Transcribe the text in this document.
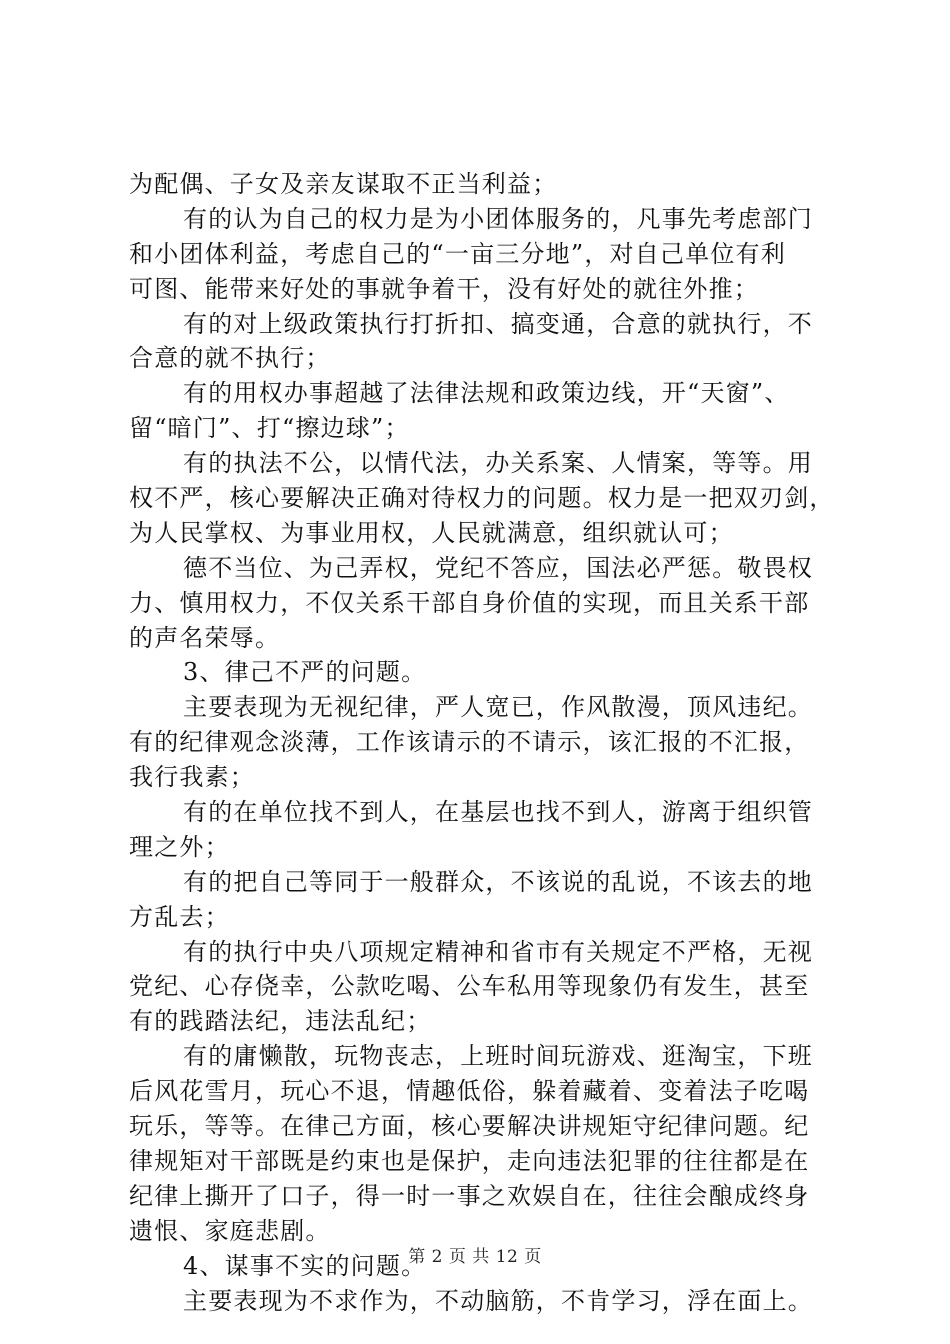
为配偶、子女及亲友谋取不正当利益；
有的认为自己的权力是为小团体服务的，凡事先考虑部门
和小团体利益，考虑自己的“一亩三分地”，对自己单位有利
可图、能带来好处的事就争着干，没有好处的就往外推；
有的对上级政策执行打折扣、搞变通，合意的就执行，不
合意的就不执行；
有的用权办事超越了法律法规和政策边线，开“天窗”、
留“暗门”、打“擦边球”；
有的执法不公，以情代法，办关系案、人情案，等等。用
权不严，核心要解决正确对待权力的问题。权力是一把双刃剑，
为人民掌权、为事业用权，人民就满意，组织就认可；
德不当位、为己弄权，党纪不答应，国法必严惩。敬畏权
力、慎用权力，不仅关系干部自身价值的实现，而且关系干部
的声名荣辱。
3、律己不严的问题。
主要表现为无视纪律，严人宽已，作风散漫，顶风违纪。
有的纪律观念淡薄，工作该请示的不请示，该汇报的不汇报，
我行我素；
有的在单位找不到人，在基层也找不到人，游离于组织管
理之外；
有的把自己等同于一般群众，不该说的乱说，不该去的地
方乱去；
有的执行中央八项规定精神和省市有关规定不严格，无视
党纪、心存侥幸，公款吃喝、公车私用等现象仍有发生，甚至
有的践踏法纪，违法乱纪；
有的庸懒散，玩物丧志，上班时间玩游戏、逛淘宝，下班
后风花雪月，玩心不退，情趣低俗，躲着藏着、变着法子吃喝
玩乐，等等。在律己方面，核心要解决讲规矩守纪律问题。纪
律规矩对干部既是约束也是保护，走向违法犯罪的往往都是在
纪律上撕开了口子，得一时一事之欢娱自在，往往会酿成终身
遗恨、家庭悲剧。
4、谋事不实的问题。
主要表现为不求作为，不动脑筋，不肯学习，浮在面上。
第 2 页 共 12 页
